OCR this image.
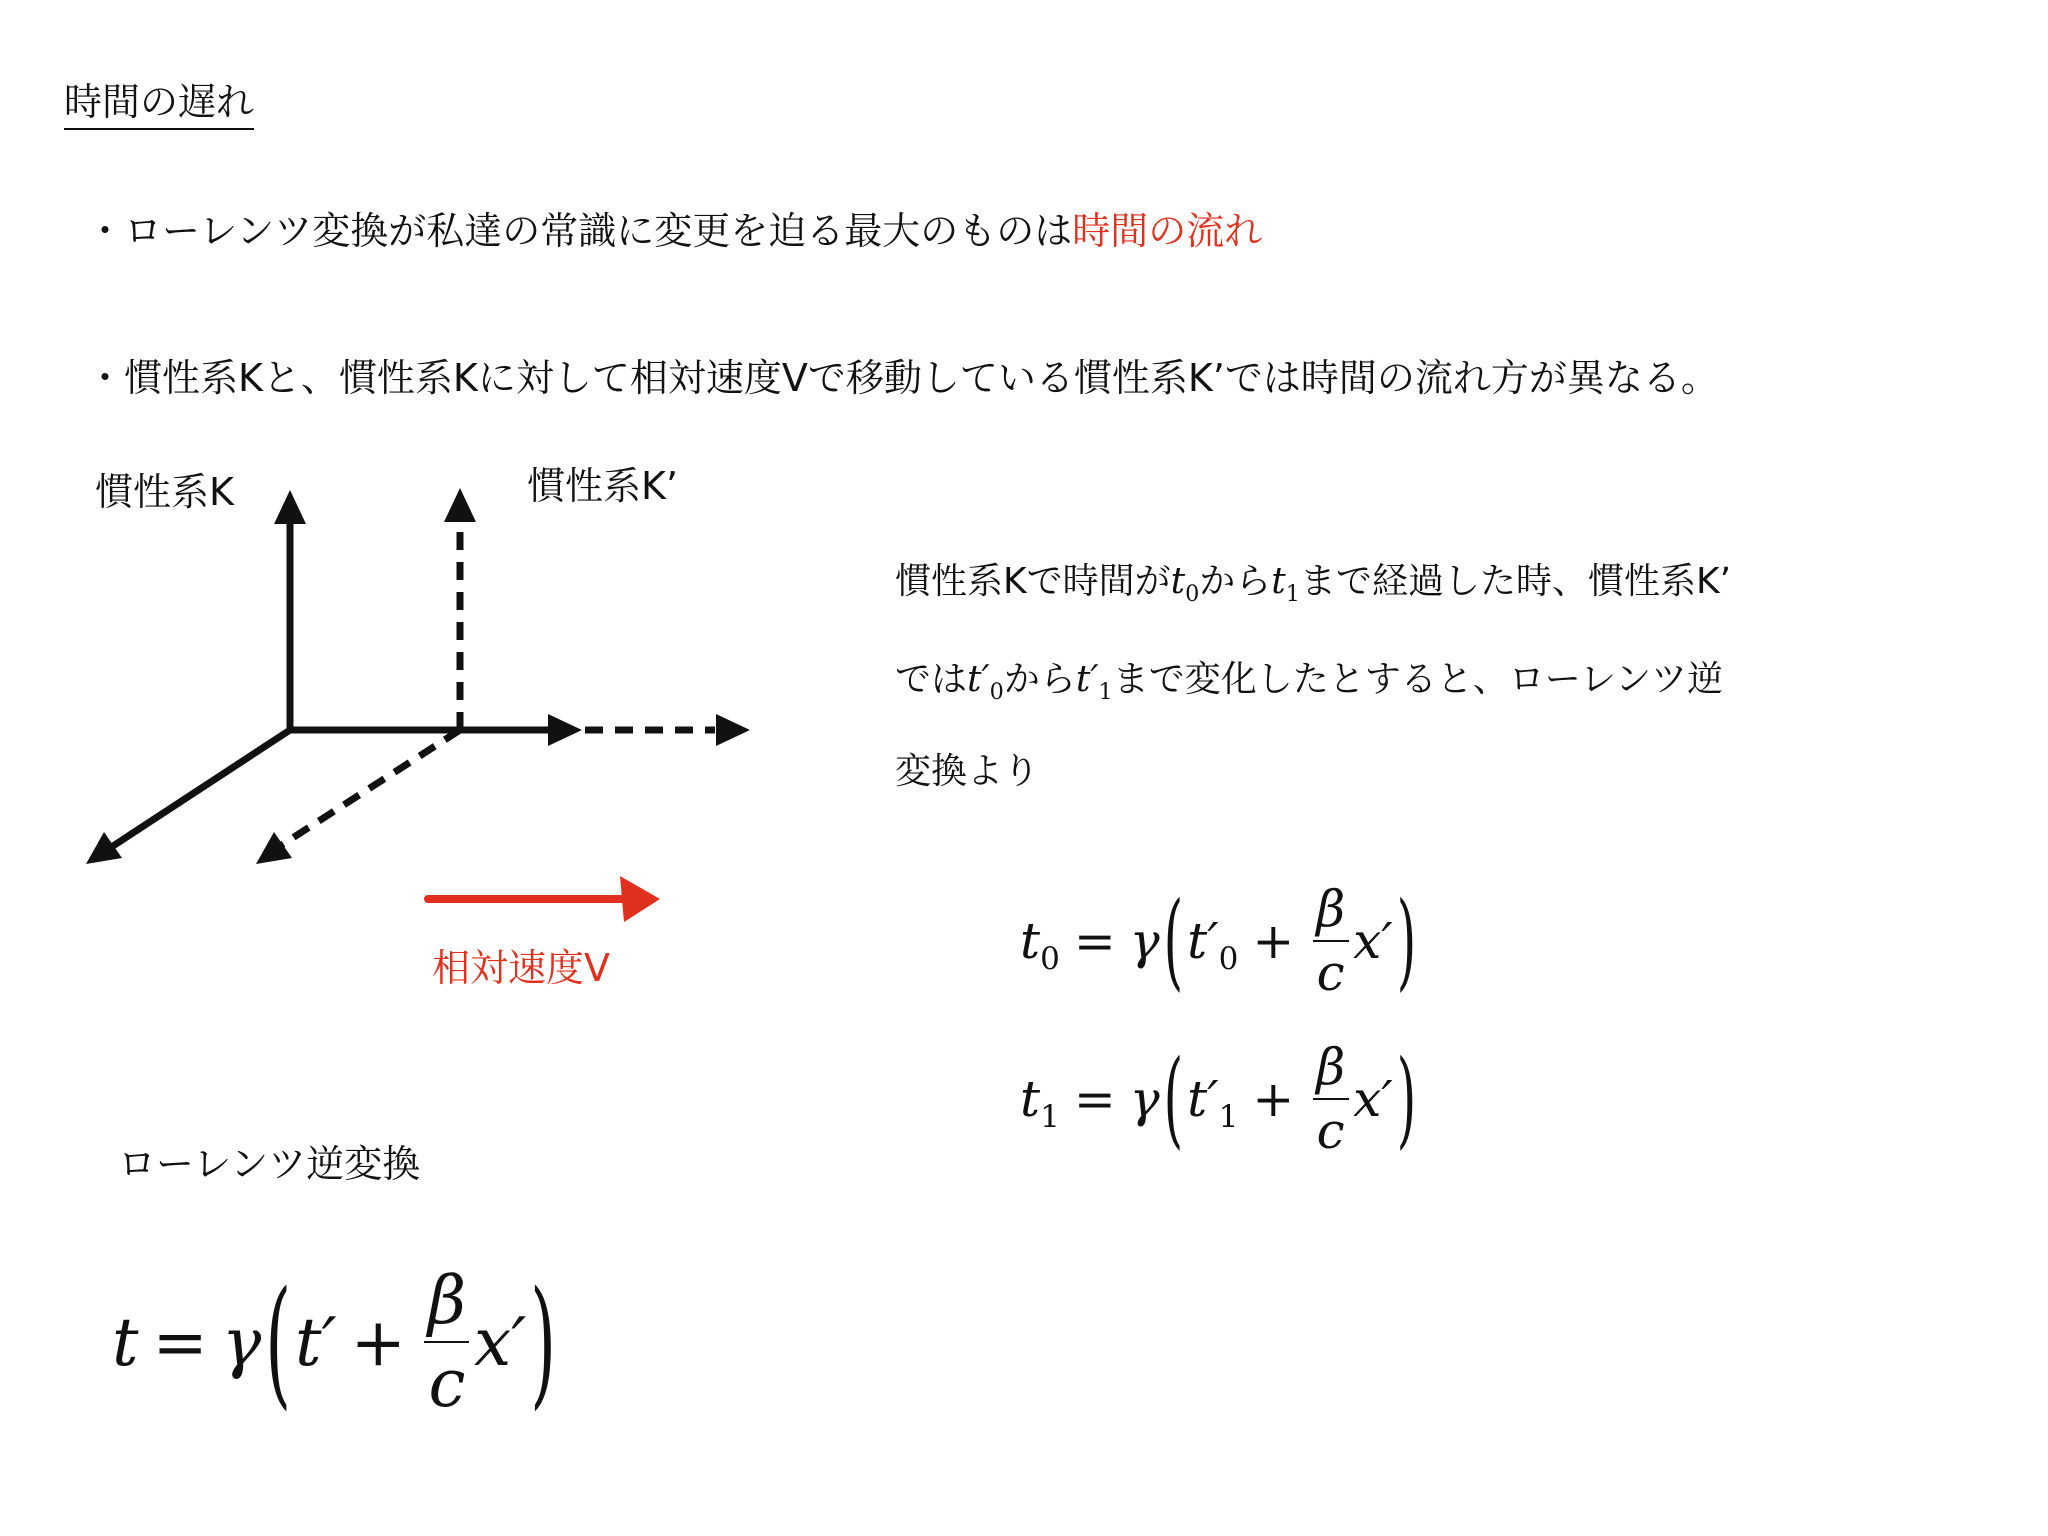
時間の遅れ
・ローレンツ変換が私達の常識に変更を迫る最大のものは時間の流れ
・慣性系Kと、慣性系Kに対して相対速度Vで移動している慣性系K’では時間の流れ方が異なる。
慣性系K	慣性系K’
相対速度V
慣性系Kで時間が$t_0$から$t_1$まで経過した時、慣性系K’
では$t'_0$から$t'_1$まで変化したとすると、ローレンツ逆
変換より
$t_0 = \gamma$ ( $t'_0 + \frac{\beta}{c} x'$ )
$t_1 = \gamma$ ( $t'_1 + \frac{\beta}{c} x'$ )
ローレンツ逆変換
t = γ ( $t' + \frac{\beta}{c} x'$ )
